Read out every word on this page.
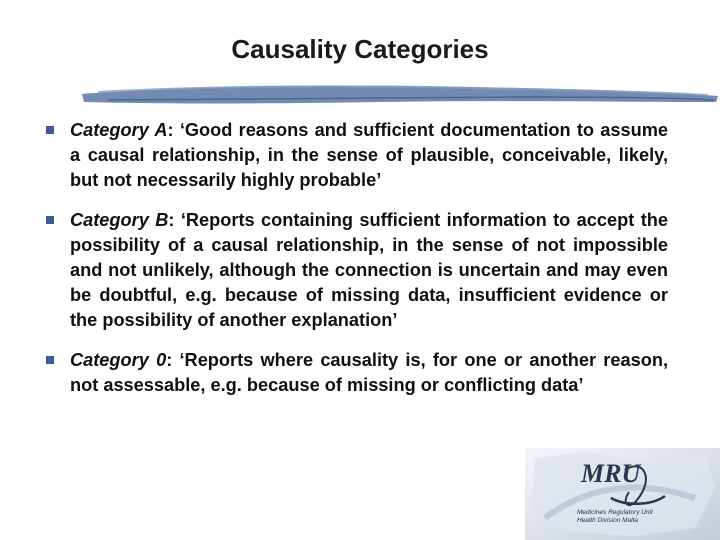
Causality Categories
Category A: ‘Good reasons and sufficient documentation to assume a causal relationship, in the sense of plausible, conceivable, likely, but not necessarily highly probable’
Category B: ‘Reports containing sufficient information to accept the possibility of a causal relationship, in the sense of not impossible and not unlikely, although the connection is uncertain and may even be doubtful, e.g. because of missing data, insufficient evidence or the possibility of another explanation’
Category 0: ‘Reports where causality is, for one or another reason, not assessable, e.g. because of missing or conflicting data’
MRU
Medicines Regulatory Unit
Health Division Malta
